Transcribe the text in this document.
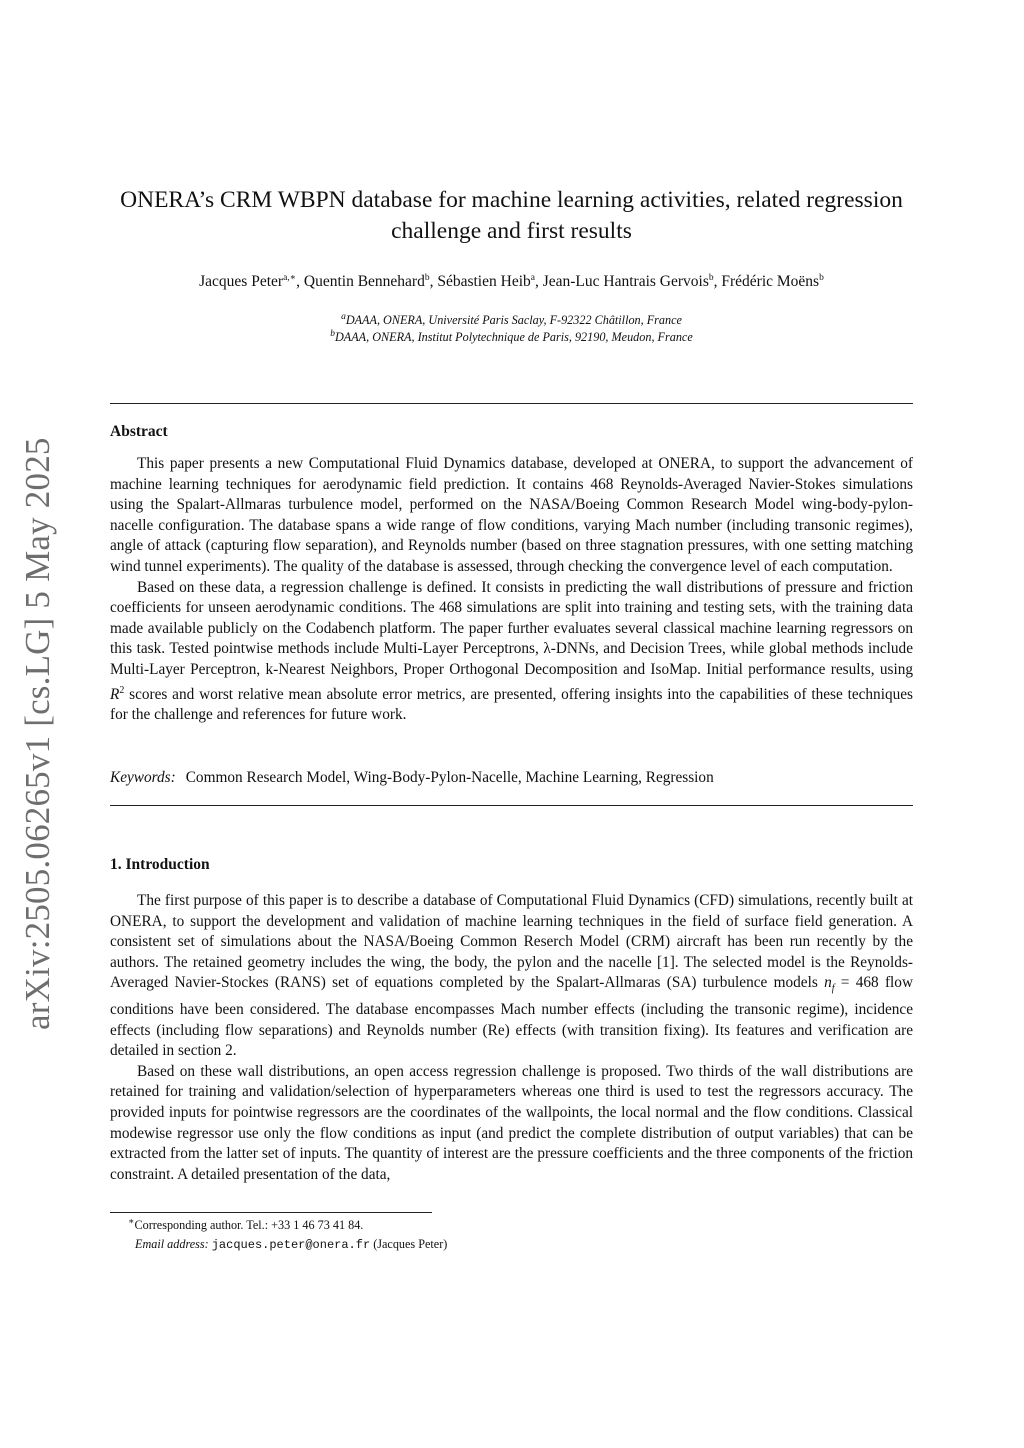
arXiv:2505.06265v1 [cs.LG] 5 May 2025
ONERA’s CRM WBPN database for machine learning activities, related regression challenge and first results
Jacques Peter$^{a,∗}$, Quentin Bennehard$^b$, Sébastien Heib$^a$, Jean-Luc Hantrais Gervois$^b$, Frédéric Moëns$^b$
$^a$DAAA, ONERA, Université Paris Saclay, F-92322 Châtillon, France
$^b$DAAA, ONERA, Institut Polytechnique de Paris, 92190, Meudon, France
Abstract

This paper presents a new Computational Fluid Dynamics database, developed at ONERA, to support the advancement of machine learning techniques for aerodynamic field prediction. It contains 468 Reynolds-Averaged Navier-Stokes simulations using the Spalart-Allmaras turbulence model, performed on the NASA/Boeing Common Research Model wing-body-pylon-nacelle configuration. The database spans a wide range of flow conditions, varying Mach number (including transonic regimes), angle of attack (capturing flow separation), and Reynolds number (based on three stagnation pressures, with one setting matching wind tunnel experiments). The quality of the database is assessed, through checking the convergence level of each computation.

Based on these data, a regression challenge is defined. It consists in predicting the wall distributions of pressure and friction coefficients for unseen aerodynamic conditions. The 468 simulations are split into training and testing sets, with the training data made available publicly on the Codabench platform. The paper further evaluates several classical machine learning regressors on this task. Tested pointwise methods include Multi-Layer Perceptrons, λ-DNNs, and Decision Trees, while global methods include Multi-Layer Perceptron, k-Nearest Neighbors, Proper Orthogonal Decomposition and IsoMap. Initial performance results, using $R^2$ scores and worst relative mean absolute error metrics, are presented, offering insights into the capabilities of these techniques for the challenge and references for future work.

Keywords: Common Research Model, Wing-Body-Pylon-Nacelle, Machine Learning, Regression
1. Introduction

The first purpose of this paper is to describe a database of Computational Fluid Dynamics (CFD) simulations, recently built at ONERA, to support the development and validation of machine learning techniques in the field of surface field generation. A consistent set of simulations about the NASA/Boeing Common Reserch Model (CRM) aircraft has been run recently by the authors. The retained geometry includes the wing, the body, the pylon and the nacelle [1]. The selected model is the Reynolds-Averaged Navier-Stockes (RANS) set of equations completed by the Spalart-Allmaras (SA) turbulence models $n_f = 468$ flow conditions have been considered. The database encompasses Mach number effects (including the transonic regime), incidence effects (including flow separations) and Reynolds number (Re) effects (with transition fixing). Its features and verification are detailed in section 2.

Based on these wall distributions, an open access regression challenge is proposed. Two thirds of the wall distributions are retained for training and validation/selection of hyperparameters whereas one third is used to test the regressors accuracy. The provided inputs for pointwise regressors are the coordinates of the wallpoints, the local normal and the flow conditions. Classical modewise regressor use only the flow conditions as input (and predict the complete distribution of output variables) that can be extracted from the latter set of inputs. The quantity of interest are the pressure coefficients and the three components of the friction constraint. A detailed presentation of the data,

∗Corresponding author. Tel.: +33 1 46 73 41 84.
Email address: jacques.peter@onera.fr (Jacques Peter)
